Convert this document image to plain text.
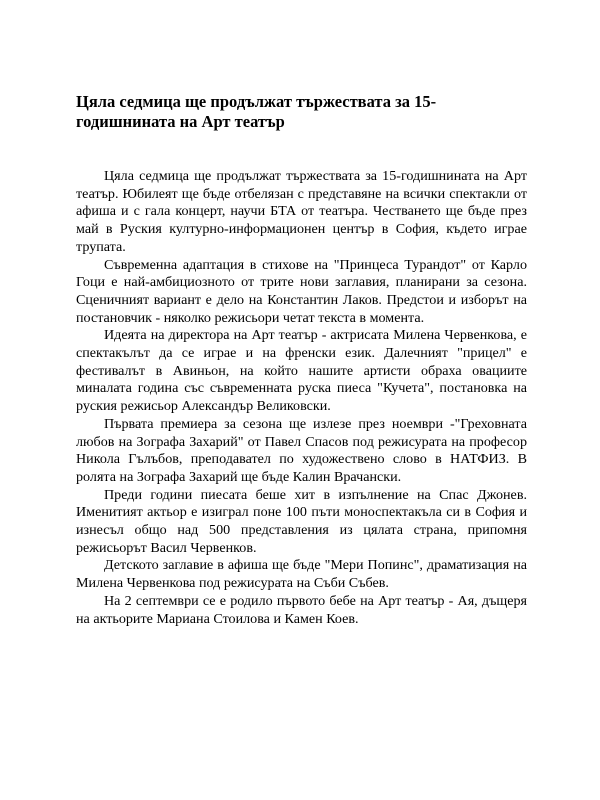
Цяла седмица ще продължат тържествата за 15-годишнината на Арт театър

Цяла седмица ще продължат тържествата за 15-годишнината на Арт театър. Юбилеят ще бъде отбелязан с представяне на всички спектакли от афиша и с гала концерт, научи БТА от театъра. Честването ще бъде през май в Руския културно-информационен център в София, където играе трупата.

Съвременна адаптация в стихове на "Принцеса Турандот" от Карло Гоци е най-амбициозното от трите нови заглавия, планирани за сезона. Сценичният вариант е дело на Константин Лаков. Предстои и изборът на постановчик - няколко режисьори четат текста в момента.

Идеята на директора на Арт театър - актрисата Милена Червенкова, е спектакълът да се играе и на френски език. Далечният "прицел" е фестивалът в Авиньон, на който нашите артисти обраха овациите миналата година със съвременната руска пиеса "Кучета", постановка на руския режисьор Александър Великовски.

Първата премиера за сезона ще излезе през ноември -"Греховната любов на Зографа Захарий" от Павел Спасов под режисурата на професор Никола Гълъбов, преподавател по художествено слово в НАТФИЗ. В ролята на Зографа Захарий ще бъде Калин Врачански.

Преди години пиесата беше хит в изпълнение на Спас Джонев. Именитият актьор е изиграл поне 100 пъти моноспектакъла си в София и изнесъл общо над 500 представления из цялата страна, припомня режисьорът Васил Червенков.

Детското заглавие в афиша ще бъде "Мери Попинс", драматизация на Милена Червенкова под режисурата на Съби Събев.

На 2 септември се е родило първото бебе на Арт театър - Ая, дъщеря на актьорите Мариана Стоилова и Камен Коев.
